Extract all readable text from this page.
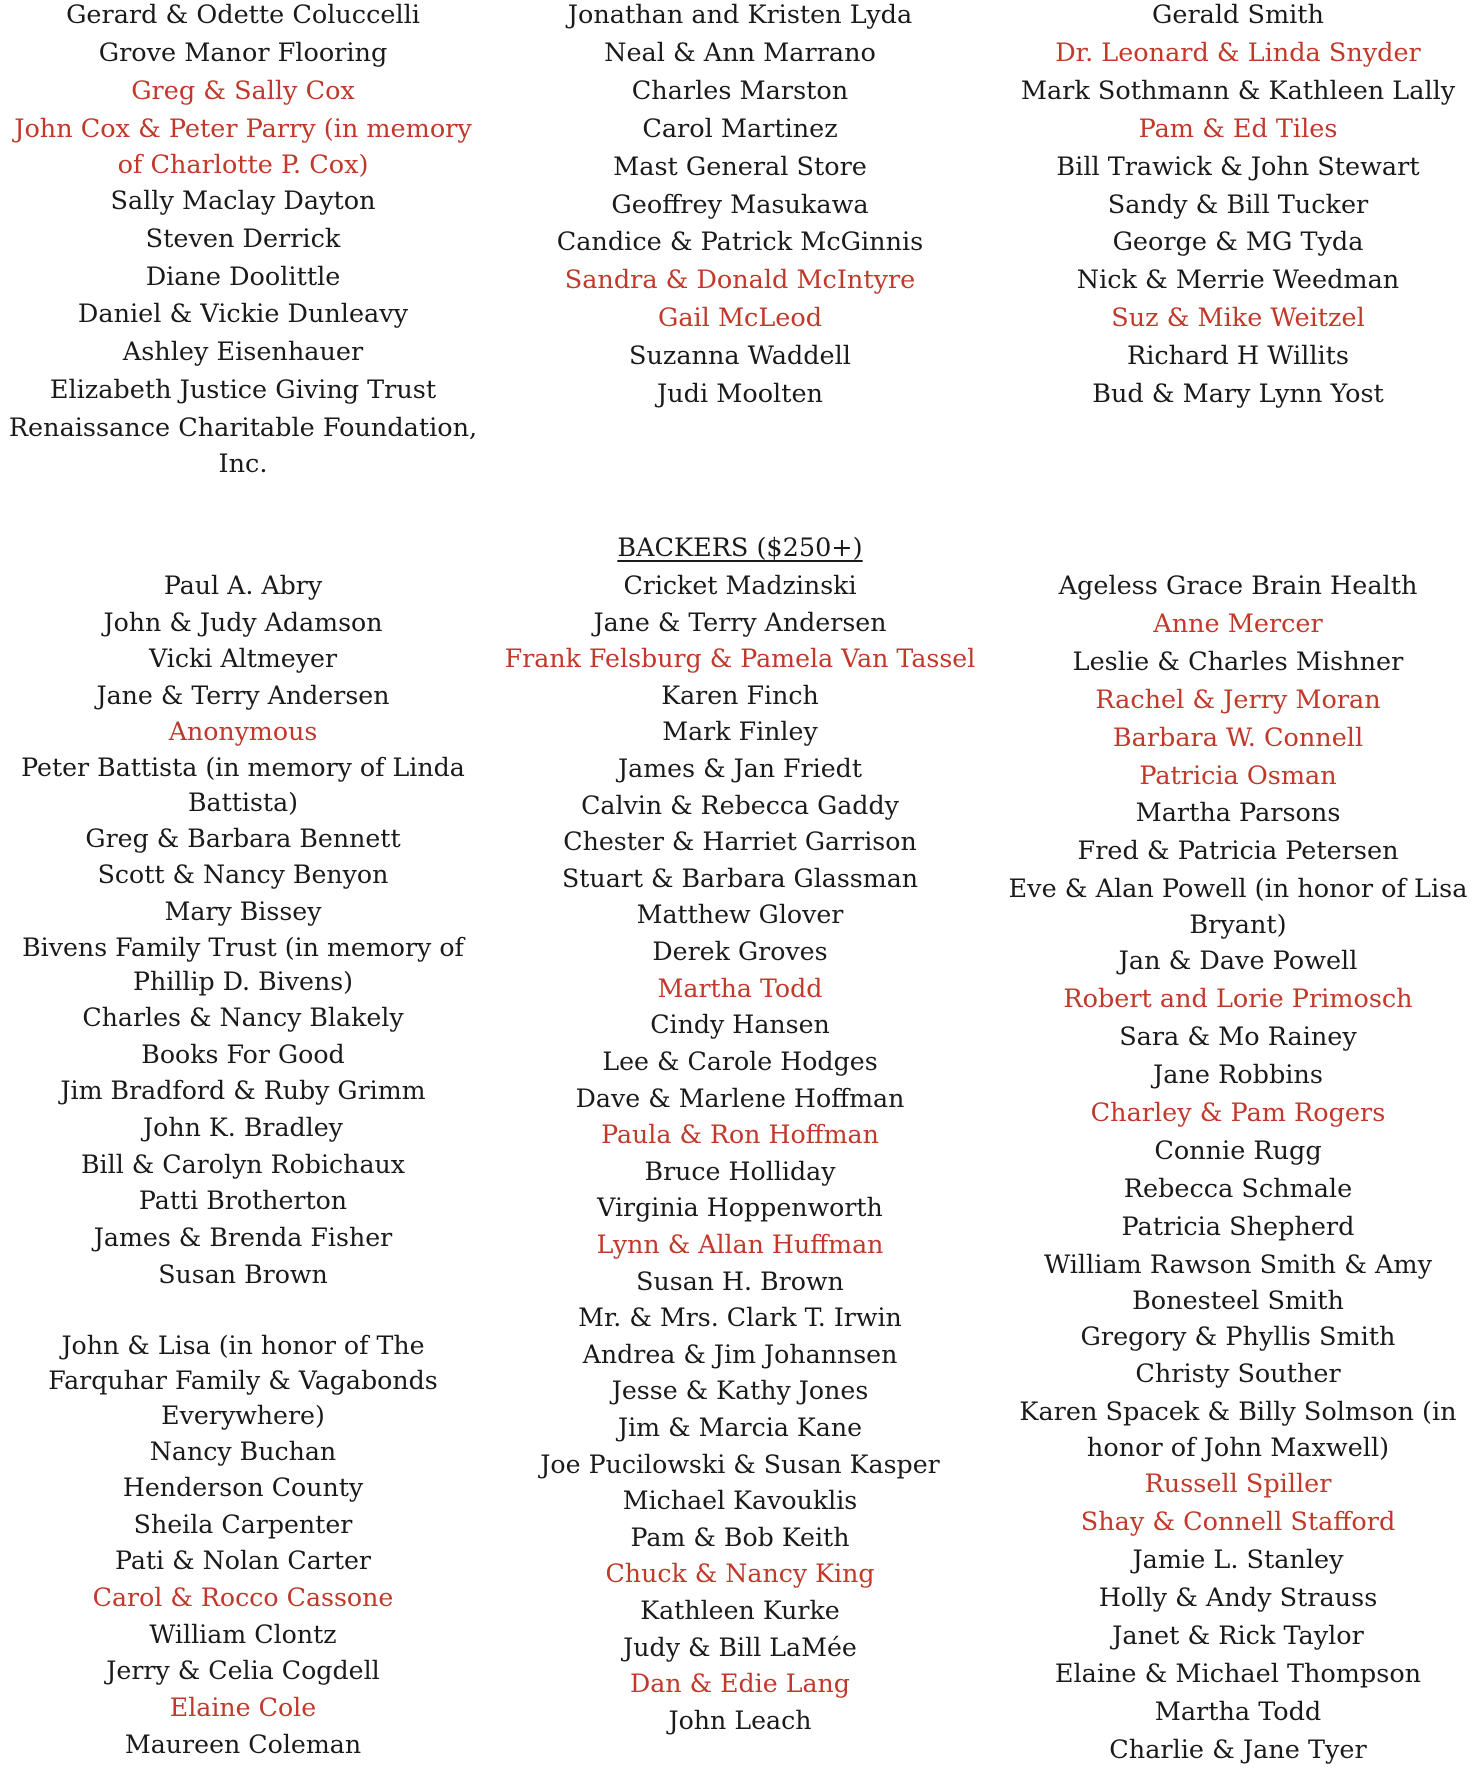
Gerard & Odette Coluccelli
Grove Manor Flooring
Greg & Sally Cox
John Cox & Peter Parry (in memory of Charlotte P. Cox)
Sally Maclay Dayton
Steven Derrick
Diane Doolittle
Daniel & Vickie Dunleavy
Ashley Eisenhauer
Elizabeth Justice Giving Trust
Renaissance Charitable Foundation, Inc.
Jonathan and Kristen Lyda
Neal & Ann Marrano
Charles Marston
Carol Martinez
Mast General Store
Geoffrey Masukawa
Candice & Patrick McGinnis
Sandra & Donald McIntyre
Gail McLeod
Suzanna Waddell
Judi Moolten
Gerald Smith
Dr. Leonard & Linda Snyder
Mark Sothmann & Kathleen Lally
Pam & Ed Tiles
Bill Trawick & John Stewart
Sandy & Bill Tucker
George & MG Tyda
Nick & Merrie Weedman
Suz & Mike Weitzel
Richard H Willits
Bud & Mary Lynn Yost
BACKERS ($250+)
Paul A. Abry
John & Judy Adamson
Vicki Altmeyer
Jane & Terry Andersen
Anonymous
Peter Battista (in memory of Linda Battista)
Greg & Barbara Bennett
Scott & Nancy Benyon
Mary Bissey
Bivens Family Trust (in memory of Phillip D. Bivens)
Charles & Nancy Blakely
Books For Good
Jim Bradford & Ruby Grimm
John K. Bradley
Bill & Carolyn Robichaux
Patti Brotherton
James & Brenda Fisher
Susan Brown
John & Lisa (in honor of The Farquhar Family & Vagabonds Everywhere)
Nancy Buchan
Henderson County
Sheila Carpenter
Pati & Nolan Carter
Carol & Rocco Cassone
William Clontz
Jerry & Celia Cogdell
Elaine Cole
Maureen Coleman
Cricket Madzinski
Jane & Terry Andersen
Frank Felsburg & Pamela Van Tassel
Karen Finch
Mark Finley
James & Jan Friedt
Calvin & Rebecca Gaddy
Chester & Harriet Garrison
Stuart & Barbara Glassman
Matthew Glover
Derek Groves
Martha Todd
Cindy Hansen
Lee & Carole Hodges
Dave & Marlene Hoffman
Paula & Ron Hoffman
Bruce Holliday
Virginia Hoppenworth
Lynn & Allan Huffman
Susan H. Brown
Mr. & Mrs. Clark T. Irwin
Andrea & Jim Johannsen
Jesse & Kathy Jones
Jim & Marcia Kane
Joe Pucilowski & Susan Kasper
Michael Kavouklis
Pam & Bob Keith
Chuck & Nancy King
Kathleen Kurke
Judy & Bill LaMée
Dan & Edie Lang
John Leach
Ageless Grace Brain Health
Anne Mercer
Leslie & Charles Mishner
Rachel & Jerry Moran
Barbara W. Connell
Patricia Osman
Martha Parsons
Fred & Patricia Petersen
Eve & Alan Powell (in honor of Lisa Bryant)
Jan & Dave Powell
Robert and Lorie Primosch
Sara & Mo Rainey
Jane Robbins
Charley & Pam Rogers
Connie Rugg
Rebecca Schmale
Patricia Shepherd
William Rawson Smith & Amy Bonesteel Smith
Gregory & Phyllis Smith
Christy Souther
Karen Spacek & Billy Solmson (in honor of John Maxwell)
Russell Spiller
Shay & Connell Stafford
Jamie L. Stanley
Holly & Andy Strauss
Janet & Rick Taylor
Elaine & Michael Thompson
Martha Todd
Charlie & Jane Tyer
